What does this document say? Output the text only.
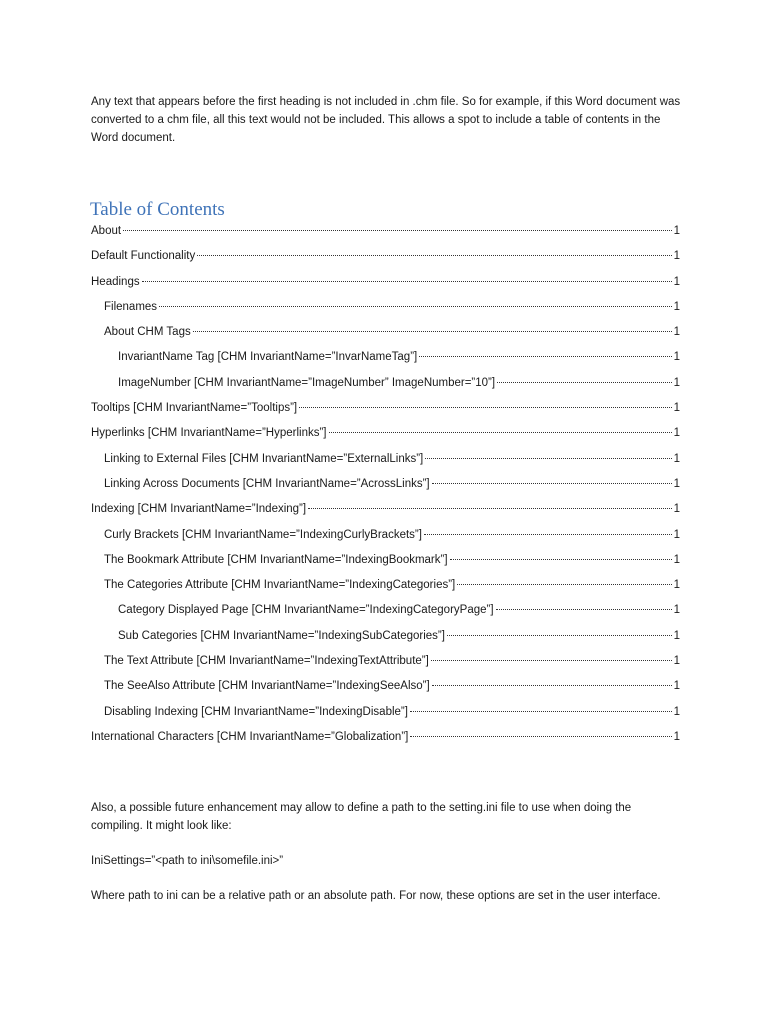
Any text that appears before the first heading is not included in .chm file. So for example, if this Word document was converted to a chm file, all this text would not be included. This allows a spot to include a table of contents in the Word document.

Table of Contents
About	1
Default Functionality	1
Headings	1
Filenames	1
About CHM Tags	1
InvariantName Tag [CHM InvariantName=”InvarNameTag”]	1
ImageNumber [CHM InvariantName=”ImageNumber” ImageNumber=”10”]	1
Tooltips [CHM InvariantName=”Tooltips”]	1
Hyperlinks [CHM InvariantName=”Hyperlinks”]	1
Linking to External Files [CHM InvariantName=”ExternalLinks”]	1
Linking Across Documents [CHM InvariantName=”AcrossLinks”]	1
Indexing [CHM InvariantName=”Indexing”]	1
Curly Brackets [CHM InvariantName=”IndexingCurlyBrackets”]	1
The Bookmark Attribute [CHM InvariantName=”IndexingBookmark”]	1
The Categories Attribute [CHM InvariantName=”IndexingCategories”]	1
Category Displayed Page [CHM InvariantName=”IndexingCategoryPage”]	1
Sub Categories [CHM InvariantName=”IndexingSubCategories”]	1
The Text Attribute [CHM InvariantName=”IndexingTextAttribute”]	1
The SeeAlso Attribute [CHM InvariantName=”IndexingSeeAlso”]	1
Disabling Indexing [CHM InvariantName=”IndexingDisable”]	1
International Characters [CHM InvariantName=”Globalization”]	1

Also, a possible future enhancement may allow to define a path to the setting.ini file to use when doing the compiling. It might look like:

IniSettings=”<path to ini\somefile.ini>”

Where path to ini can be a relative path or an absolute path. For now, these options are set in the user interface.
